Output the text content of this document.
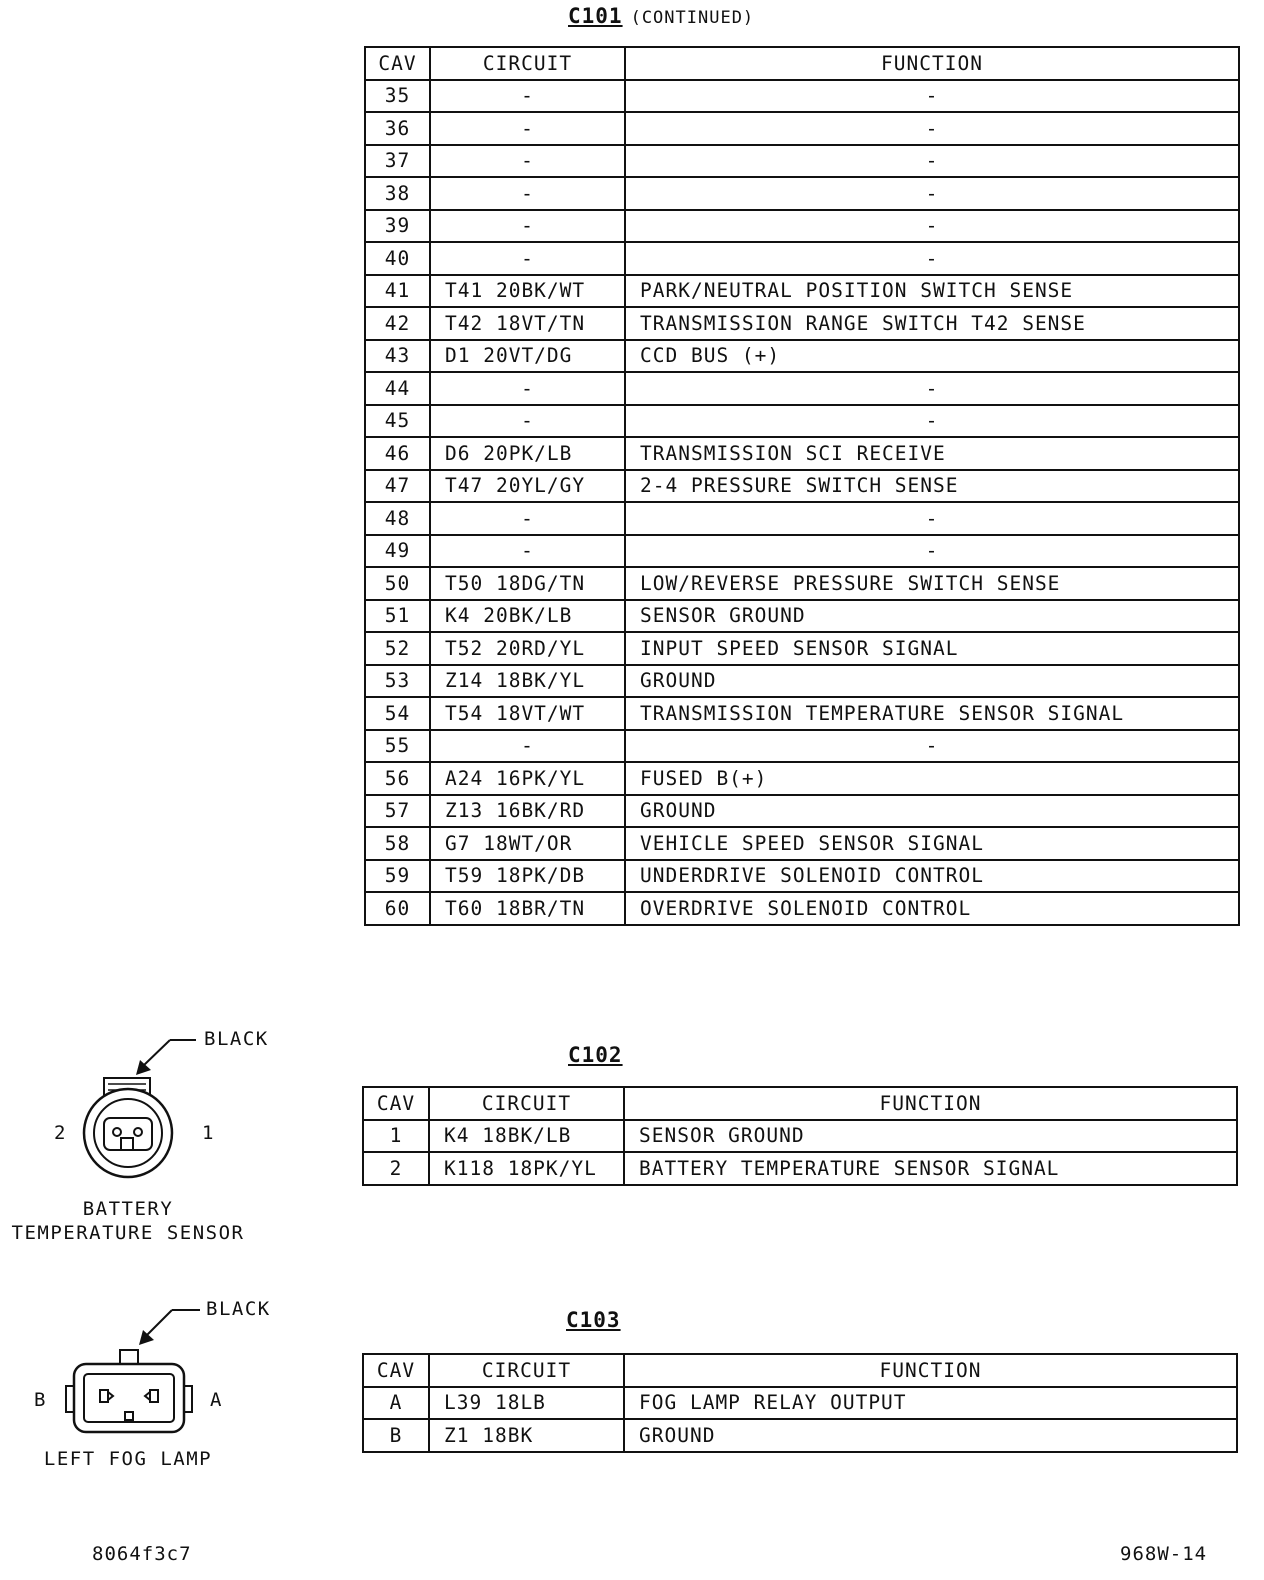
C101 (CONTINUED)
CAV	CIRCUIT	FUNCTION
35	-	-
36	-	-
37	-	-
38	-	-
39	-	-
40	-	-
41	T41 20BK/WT	PARK/NEUTRAL POSITION SWITCH SENSE
42	T42 18VT/TN	TRANSMISSION RANGE SWITCH T42 SENSE
43	D1 20VT/DG	CCD BUS (+)
44	-	-
45	-	-
46	D6 20PK/LB	TRANSMISSION SCI RECEIVE
47	T47 20YL/GY	2-4 PRESSURE SWITCH SENSE
48	-	-
49	-	-
50	T50 18DG/TN	LOW/REVERSE PRESSURE SWITCH SENSE
51	K4 20BK/LB	SENSOR GROUND
52	T52 20RD/YL	INPUT SPEED SENSOR SIGNAL
53	Z14 18BK/YL	GROUND
54	T54 18VT/WT	TRANSMISSION TEMPERATURE SENSOR SIGNAL
55	-	-
56	A24 16PK/YL	FUSED B(+)
57	Z13 16BK/RD	GROUND
58	G7 18WT/OR	VEHICLE SPEED SENSOR SIGNAL
59	T59 18PK/DB	UNDERDRIVE SOLENOID CONTROL
60	T60 18BR/TN	OVERDRIVE SOLENOID CONTROL
BLACK
2	1
BATTERY
TEMPERATURE SENSOR
C102
CAV	CIRCUIT	FUNCTION
1	K4 18BK/LB	SENSOR GROUND
2	K118 18PK/YL	BATTERY TEMPERATURE SENSOR SIGNAL
BLACK
B	A
LEFT FOG LAMP
C103
CAV	CIRCUIT	FUNCTION
A	L39 18LB	FOG LAMP RELAY OUTPUT
B	Z1 18BK	GROUND
8064f3c7	968W-14
